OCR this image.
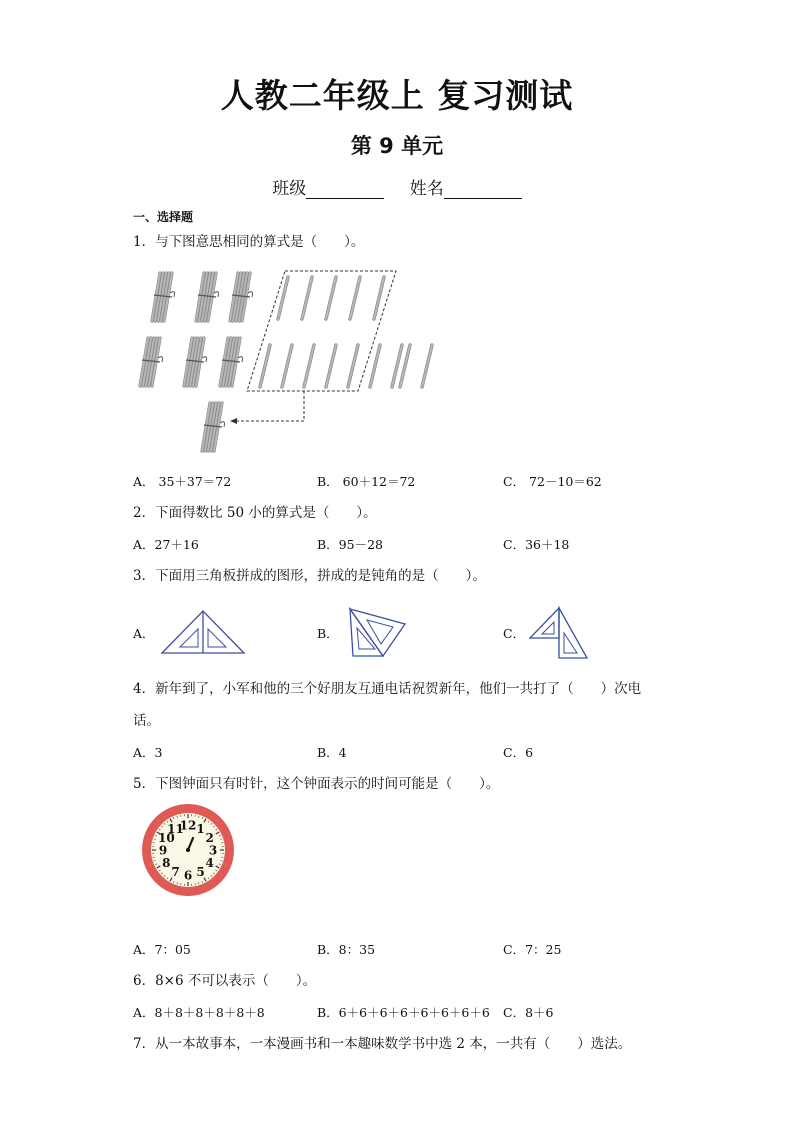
人教二年级上 复习测试
第 9 单元
班级	姓名
一、选择题
1．与下图意思相同的算式是（　　）。
A． 35＋37＝72	B． 60＋12＝72	C． 72－10＝62
2．下面得数比 50 小的算式是（　　）。
A．27＋16	B．95－28	C．36＋18
3．下面用三角板拼成的图形，拼成的是钝角的是（　　）。
A．	B．	C．
4．新年到了，小军和他的三个好朋友互通电话祝贺新年，他们一共打了（　　）次电
话。
A．3	B．4	C．6
5．下图钟面只有时针，这个钟面表示的时间可能是（　　）。
12 1
2
3
4
5
6
7
8
9
10
11
A．7：05	B．8：35	C．7：25
6．8×6 不可以表示（　　）。
A．8＋8＋8＋8＋8＋8	B．6＋6＋6＋6＋6＋6＋6＋6 C．8＋6
7．从一本故事本，一本漫画书和一本趣味数学书中选 2 本，一共有（　　）选法。
